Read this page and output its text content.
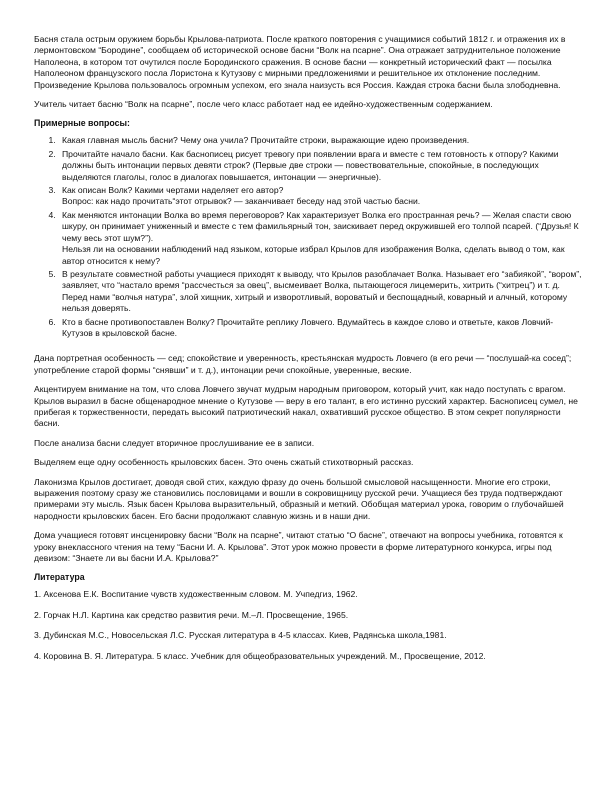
Басня стала острым оружием борьбы Крылова-патриота. После краткого повторения с учащимися событий 1812 г. и отражения их в лермонтовском “Бородине”, сообщаем об исторической основе басни “Волк на псарне”. Она отражает затруднительное положение Наполеона, в котором тот очутился после Бородинского сражения. В основе басни — конкретный исторический факт — посылка Наполеоном французского посла Лористона к Кутузову с мирными предложениями и решительное их отклонение последним. Произведение Крылова пользовалось огромным успехом, его знала наизусть вся Россия. Каждая строка басни была злободневна.

Учитель читает басню “Волк на псарне”, после чего класс работает над ее идейно-художественным содержанием.

Примерные вопросы:
1. Какая главная мысль басни? Чему она учила? Прочитайте строки, выражающие идею произведения.
2. Прочитайте начало басни. Как баснописец рисует тревогу при появлении врага и вместе с тем готовность к отпору? Какими должны быть интонации первых девяти строк? (Первые две строки — повествовательные, спокойные, в последующих выделяются глаголы, голос в диалогах повышается, интонации — энергичные).
3. Как описан Волк? Какими чертами наделяет его автор?
Вопрос: как надо прочитать“этот отрывок? — заканчивает беседу над этой частью басни.
4. Как меняются интонации Волка во время переговоров? Как характеризует Волка его пространная речь? — Желая спасти свою шкуру, он принимает униженный и вместе с тем фамильярный тон, заискивает перед окружившей его толпой псарей. (“Друзья! К чему весь этот шум?”).
Нельзя ли на основании наблюдений над языком, которые избрал Крылов для изображения Волка, сделать вывод о том, как автор относится к нему?
5. В результате совместной работы учащиеся приходят к выводу, что Крылов разоблачает Волка. Называет его “забиякой”, “вором”, заявляет, что “настало время “рассчесться за овец”, высмеивает Волка, пытающегося лицемерить, хитрить (“хитрец”) и т. д. Перед нами “волчья натура”, злой хищник, хитрый и изворотливый, вороватый и беспощадный, коварный и алчный, которому нельзя доверять.
6. Кто в басне противопоставлен Волку? Прочитайте реплику Ловчего. Вдумайтесь в каждое слово и ответьте, каков Ловчий-Кутузов в крыловской басне.

Дана портретная особенность — сед; спокойствие и уверенность, крестьянская мудрость Ловчего (в его речи — “послушай-ка сосед”; употребление старой формы “снявши” и т. д.), интонации речи спокойные, уверенные, веские.

Акцентируем внимание на том, что слова Ловчего звучат мудрым народным приговором, который учит, как надо поступать с врагом. Крылов выразил в басне общенародное мнение о Кутузове — веру в его талант, в его истинно русский характер. Баснописец сумел, не прибегая к торжественности, передать высокий патриотический накал, охвативший русское общество. В этом секрет популярности басни.

После анализа басни следует вторичное прослушивание ее в записи.

Выделяем еще одну особенность крыловских басен. Это очень сжатый стихотворный рассказ.

Лаконизма Крылов достигает, доводя свой стих, каждую фразу до очень большой смысловой насыщенности. Многие его строки, выражения поэтому сразу же становились пословицами и вошли в сокровищницу русской речи. Учащиеся без труда подтверждают примерами эту мысль. Язык басен Крылова выразительный, образный и меткий. Обобщая материал урока, говорим о глубочайшей народности крыловских басен. Его басни продолжают славную жизнь и в наши дни.

Дома учащиеся готовят инсценировку басни “Волк на псарне”, читают статью “О басне”, отвечают на вопросы учебника, готовятся к уроку внеклассного чтения на тему “Басни И. А. Крылова”. Этот урок можно провести в форме литературного конкурса, игры под девизом: “Знаете ли вы басни И.А. Крылова?”

Литература

1. Аксенова Е.К. Воспитание чувств художественным словом. М. Учпедгиз, 1962.

2. Горчак Н.Л. Картина как средство развития речи. М.–Л. Просвещение, 1965.

3. Дубинская М.С., Новосельская Л.С. Русская литература в 4-5 классах. Киев, Радянська школа,1981.

4. Коровина В. Я. Литература. 5 класс. Учебник для общеобразовательных учреждений. М., Просвещение, 2012.
